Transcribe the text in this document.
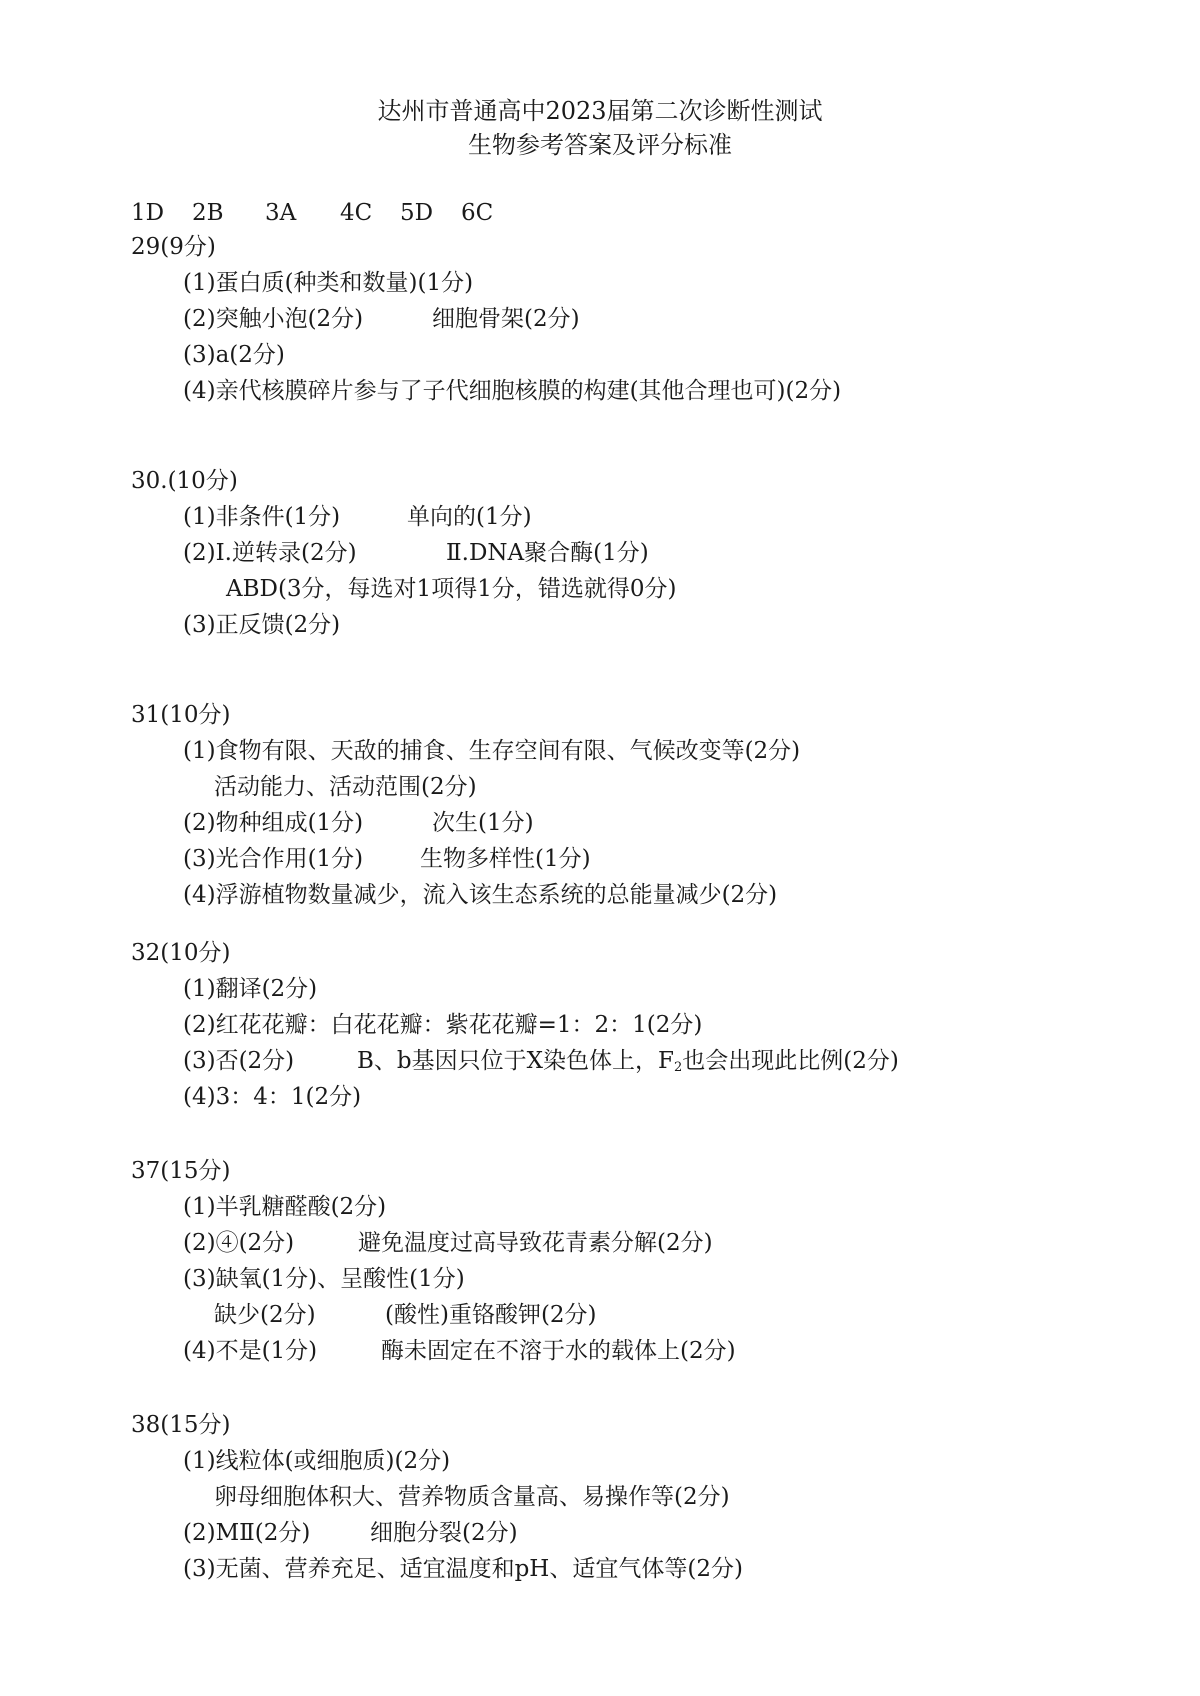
达州市普通高中2023届第二次诊断性测试
生物参考答案及评分标准
1D 2B 3A 4C 5D 6C
29(9分)
(1)蛋白质(种类和数量)(1分)
(2)突触小泡(2分)	细胞骨架(2分)
(3)a(2分)
(4)亲代核膜碎片参与了子代细胞核膜的构建(其他合理也可)(2分)
30.(10分)
(1)非条件(1分)	单向的(1分)
(2)Ⅰ.逆转录(2分)	Ⅱ.DNA聚合酶(1分)
ABD(3分，每选对1项得1分，错选就得0分)
(3)正反馈(2分)
31(10分)
(1)食物有限、天敌的捕食、生存空间有限、气候改变等(2分)
活动能力、活动范围(2分)
(2)物种组成(1分)	次生(1分)
(3)光合作用(1分) 生物多样性(1分)
(4)浮游植物数量减少，流入该生态系统的总能量减少(2分)
32(10分)
(1)翻译(2分)
(2)红花花瓣：白花花瓣：紫花花瓣=1：2：1(2分)
(3)否(2分)	B、b基因只位于X染色体上，$F_2$也会出现此比例(2分)
(4)3：4：1(2分)
37(15分)
(1)半乳糖醛酸(2分)
(2)④(2分)	避免温度过高导致花青素分解(2分)
(3)缺氧(1分)、呈酸性(1分)
缺少(2分)	(酸性)重铬酸钾(2分)
(4)不是(1分)	酶未固定在不溶于水的载体上(2分)
38(15分)
(1)线粒体(或细胞质)(2分)
卵母细胞体积大、营养物质含量高、易操作等(2分)
(2)MⅡ(2分)	细胞分裂(2分)
(3)无菌、营养充足、适宜温度和pH、适宜气体等(2分)
